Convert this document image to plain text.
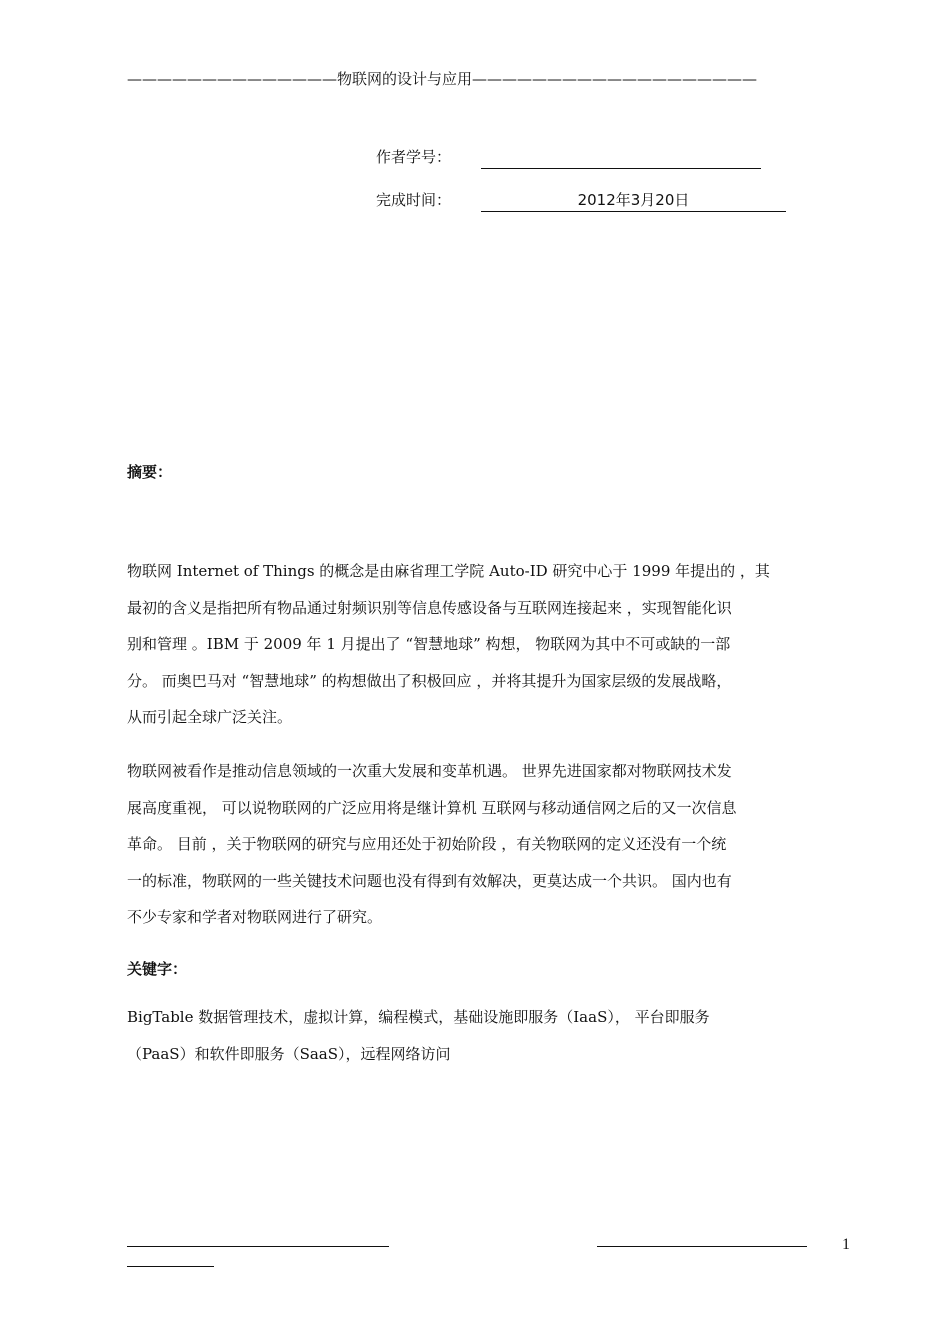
——————————————物联网的设计与应用———————————————————
作者学号：
完成时间：	2012年3月20日
摘要：
物联网 Internet of Things 的概念是由麻省理工学院 Auto-ID 研究中心于 1999 年提出的 ，其
最初的含义是指把所有物品通过射频识别等信息传感设备与互联网连接起来 ，实现智能化识
别和管理 。IBM 于 2009 年 1 月提出了 “智慧地球” 构想， 物联网为其中不可或缺的一部
分。 而奥巴马对 “智慧地球” 的构想做出了积极回应 ，并将其提升为国家层级的发展战略，
从而引起全球广泛关注。
物联网被看作是推动信息领域的一次重大发展和变革机遇。 世界先进国家都对物联网技术发
展高度重视， 可以说物联网的广泛应用将是继计算机 互联网与移动通信网之后的又一次信息
革命。 目前 ，关于物联网的研究与应用还处于初始阶段 ，有关物联网的定义还没有一个统
一的标准，物联网的一些关键技术问题也没有得到有效解决，更莫达成一个共识。 国内也有
不少专家和学者对物联网进行了研究。
关键字：
BigTable 数据管理技术，虚拟计算，编程模式，基础设施即服务（IaaS）， 平台即服务
（PaaS）和软件即服务（SaaS），远程网络访问
1
